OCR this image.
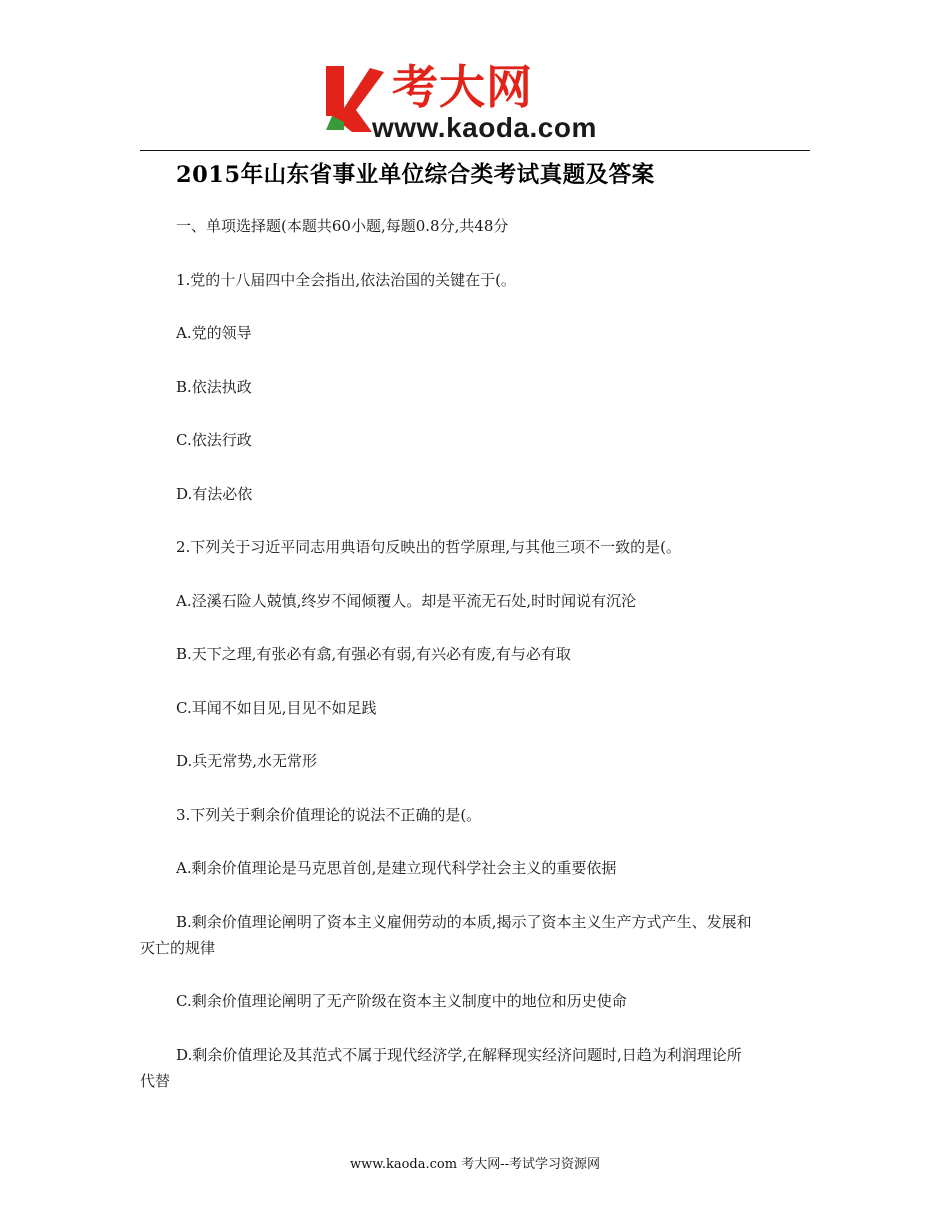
考大网
www.kaoda.com
2015年山东省事业单位综合类考试真题及答案

一、单项选择题(本题共60小题,每题0.8分,共48分

1.党的十八届四中全会指出,依法治国的关键在于(。

A.党的领导

B.依法执政

C.依法行政

D.有法必依

2.下列关于习近平同志用典语句反映出的哲学原理,与其他三项不一致的是(。

A.泾溪石险人兢慎,终岁不闻倾覆人。却是平流无石处,时时闻说有沉沦

B.天下之理,有张必有翕,有强必有弱,有兴必有废,有与必有取

C.耳闻不如目见,目见不如足践

D.兵无常势,水无常形

3.下列关于剩余价值理论的说法不正确的是(。

A.剩余价值理论是马克思首创,是建立现代科学社会主义的重要依据

B.剩余价值理论阐明了资本主义雇佣劳动的本质,揭示了资本主义生产方式产生、发展和
灭亡的规律

C.剩余价值理论阐明了无产阶级在资本主义制度中的地位和历史使命

D.剩余价值理论及其范式不属于现代经济学,在解释现实经济问题时,日趋为利润理论所
代替

www.kaoda.com 考大网--考试学习资源网
